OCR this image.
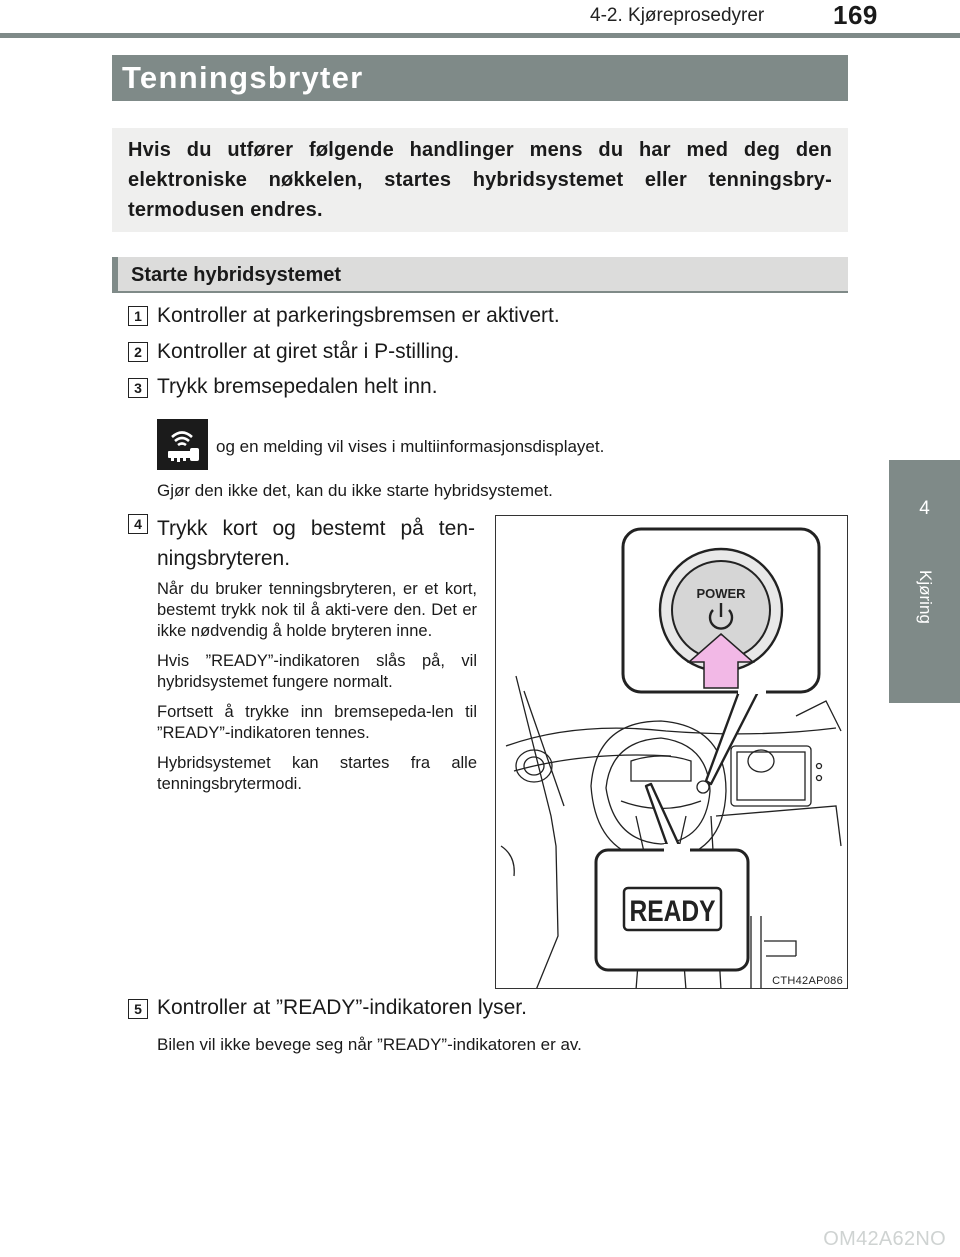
4-2. Kjøreprosedyrer	169
4
Kjøring
Tenningsbryter

Hvis du utfører følgende handlinger mens du har med deg den elektroniske nøkkelen, startes hybridsystemet eller tenningsbry-termodusen endres.

Starte hybridsystemet
1 Kontroller at parkeringsbremsen er aktivert.
2 Kontroller at giret står i P-stilling.
3 Trykk bremsepedalen helt inn.
og en melding vil vises i multiinformasjonsdisplayet.
Gjør den ikke det, kan du ikke starte hybridsystemet.
4 Trykk kort og bestemt på ten-ningsbryteren.

Når du bruker tenningsbryteren, er et kort, bestemt trykk nok til å akti-vere den. Det er ikke nødvendig å holde bryteren inne.

Hvis ”READY”-indikatoren slås på, vil hybridsystemet fungere normalt.

Fortsett å trykke inn bremsepeda-len til ”READY”-indikatoren tennes.

Hybridsystemet kan startes fra alle tenningsbrytermodi.

POWER
READY
CTH42AP086
5 Kontroller at ”READY”-indikatoren lyser.
Bilen vil ikke bevege seg når ”READY”-indikatoren er av.
OM42A62NO
